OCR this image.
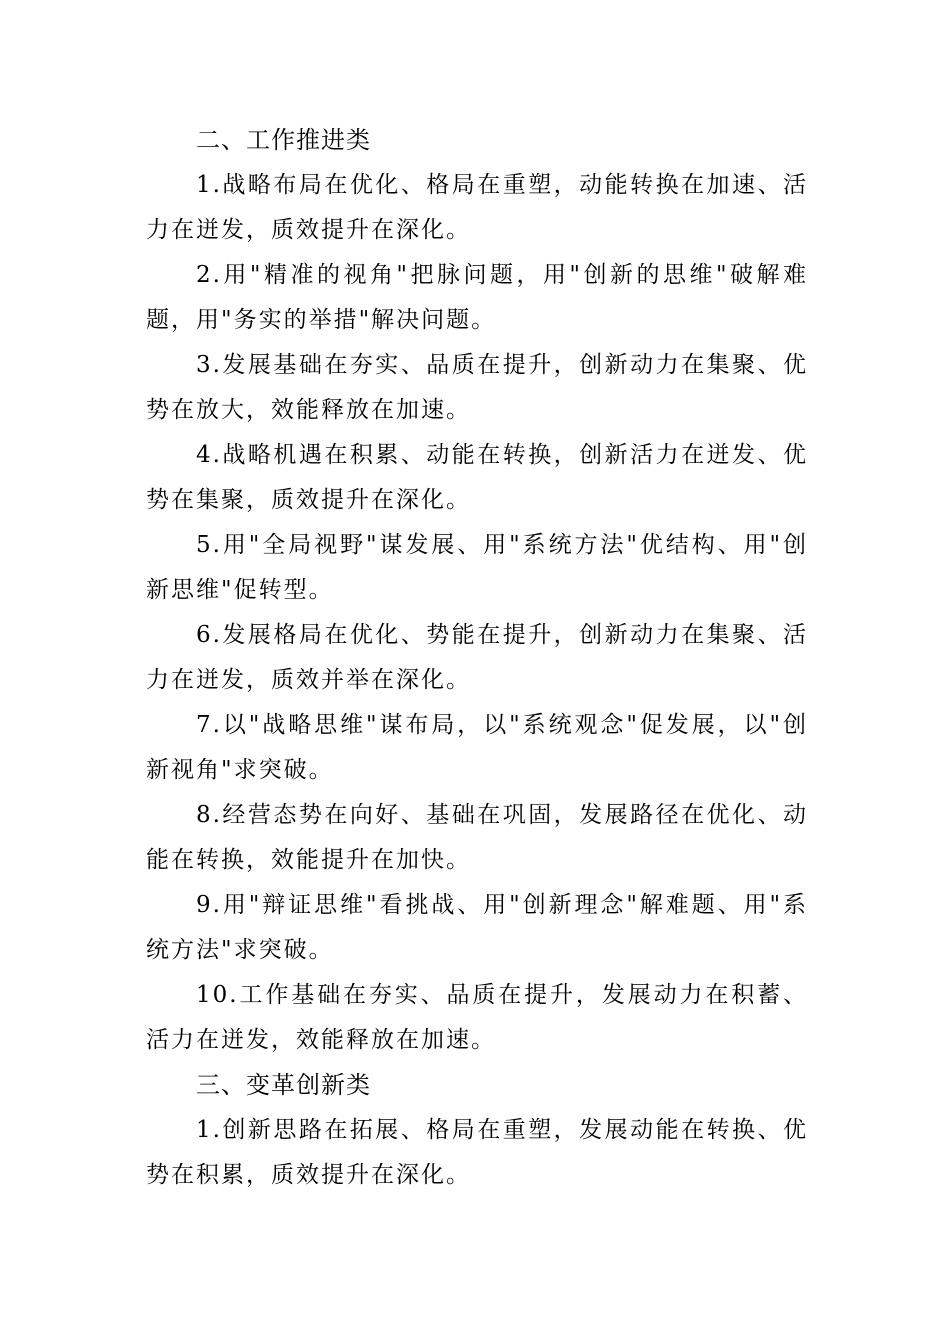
二、工作推进类

1.战略布局在优化、格局在重塑，动能转换在加速、活力在迸发，质效提升在深化。

2.用"精准的视角"把脉问题，用"创新的思维"破解难题，用"务实的举措"解决问题。

3.发展基础在夯实、品质在提升，创新动力在集聚、优势在放大，效能释放在加速。

4.战略机遇在积累、动能在转换，创新活力在迸发、优势在集聚，质效提升在深化。

5.用"全局视野"谋发展、用"系统方法"优结构、用"创新思维"促转型。

6.发展格局在优化、势能在提升，创新动力在集聚、活力在迸发，质效并举在深化。

7.以"战略思维"谋布局，以"系统观念"促发展，以"创新视角"求突破。

8.经营态势在向好、基础在巩固，发展路径在优化、动能在转换，效能提升在加快。

9.用"辩证思维"看挑战、用"创新理念"解难题、用"系统方法"求突破。

10.工作基础在夯实、品质在提升，发展动力在积蓄、活力在迸发，效能释放在加速。

三、变革创新类

1.创新思路在拓展、格局在重塑，发展动能在转换、优势在积累，质效提升在深化。
